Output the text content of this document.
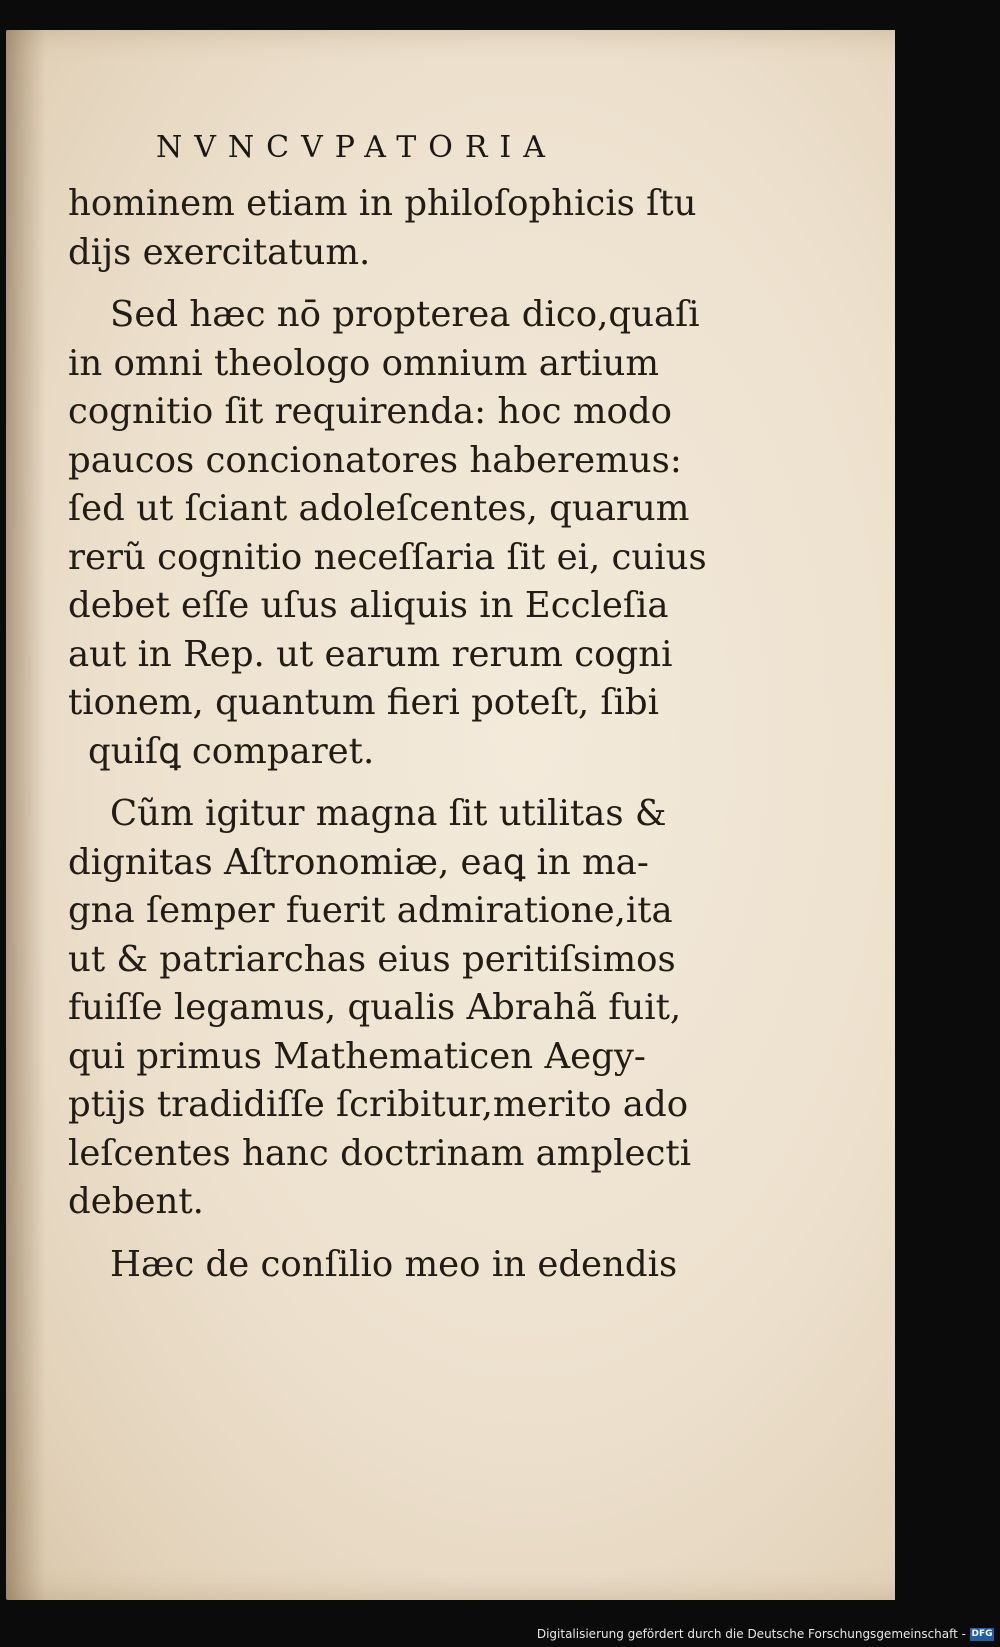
NVNCVPATORIA
hominem etiam in philoſophicis ſtu
dijs exercitatum.
Sed hæc nō propterea dico,quaſi
in omni theologo omnium artium
cognitio ſit requirenda: hoc modo
paucos concionatores haberemus:
ſed ut ſciant adoleſcentes, quarum
rerũ cognitio neceſſaria ſit ei, cuius
debet eſſe uſus aliquis in Eccleſia
aut in Rep. ut earum rerum cogni
tionem, quantum fieri poteſt, ſibi
quiſꝗ comparet.
Cũm igitur magna ſit utilitas &
dignitas Aſtronomiæ, eaꝗ in ma-
gna ſemper fuerit admiratione,ita
ut & patriarchas eius peritiſsimos
fuiſſe legamus, qualis Abrahã fuit,
qui primus Mathematicen Aegy-
ptijs tradidiſſe ſcribitur,merito ado
leſcentes hanc doctrinam amplecti
debent.
Hæc de conſilio meo in edendis
Digitalisierung gefördert durch die Deutsche Forschungsgemeinschaft - DFG
